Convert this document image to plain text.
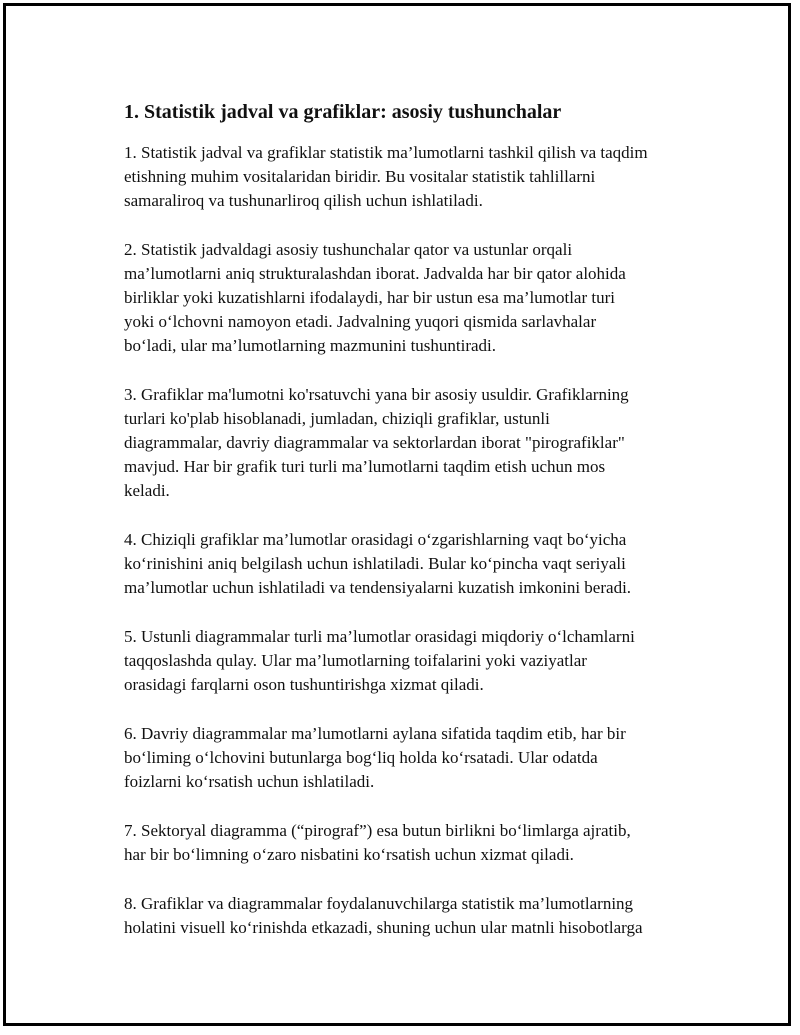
1. Statistik jadval va grafiklar: asosiy tushunchalar

1. Statistik jadval va grafiklar statistik ma’lumotlarni tashkil qilish va taqdim
etishning muhim vositalaridan biridir. Bu vositalar statistik tahlillarni
samaraliroq va tushunarliroq qilish uchun ishlatiladi.

2. Statistik jadvaldagi asosiy tushunchalar qator va ustunlar orqali
ma’lumotlarni aniq strukturalashdan iborat. Jadvalda har bir qator alohida
birliklar yoki kuzatishlarni ifodalaydi, har bir ustun esa ma’lumotlar turi
yoki o‘lchovni namoyon etadi. Jadvalning yuqori qismida sarlavhalar
bo‘ladi, ular ma’lumotlarning mazmunini tushuntiradi.

3. Grafiklar ma'lumotni ko'rsatuvchi yana bir asosiy usuldir. Grafiklarning
turlari ko'plab hisoblanadi, jumladan, chiziqli grafiklar, ustunli
diagrammalar, davriy diagrammalar va sektorlardan iborat "pirografiklar"
mavjud. Har bir grafik turi turli ma’lumotlarni taqdim etish uchun mos
keladi.

4. Chiziqli grafiklar ma’lumotlar orasidagi o‘zgarishlarning vaqt bo‘yicha
ko‘rinishini aniq belgilash uchun ishlatiladi. Bular ko‘pincha vaqt seriyali
ma’lumotlar uchun ishlatiladi va tendensiyalarni kuzatish imkonini beradi.

5. Ustunli diagrammalar turli ma’lumotlar orasidagi miqdoriy o‘lchamlarni
taqqoslashda qulay. Ular ma’lumotlarning toifalarini yoki vaziyatlar
orasidagi farqlarni oson tushuntirishga xizmat qiladi.

6. Davriy diagrammalar ma’lumotlarni aylana sifatida taqdim etib, har bir
bo‘liming o‘lchovini butunlarga bog‘liq holda ko‘rsatadi. Ular odatda
foizlarni ko‘rsatish uchun ishlatiladi.

7. Sektoryal diagramma (“pirograf”) esa butun birlikni bo‘limlarga ajratib,
har bir bo‘limning o‘zaro nisbatini ko‘rsatish uchun xizmat qiladi.

8. Grafiklar va diagrammalar foydalanuvchilarga statistik ma’lumotlarning
holatini visuell ko‘rinishda etkazadi, shuning uchun ular matnli hisobotlarga
